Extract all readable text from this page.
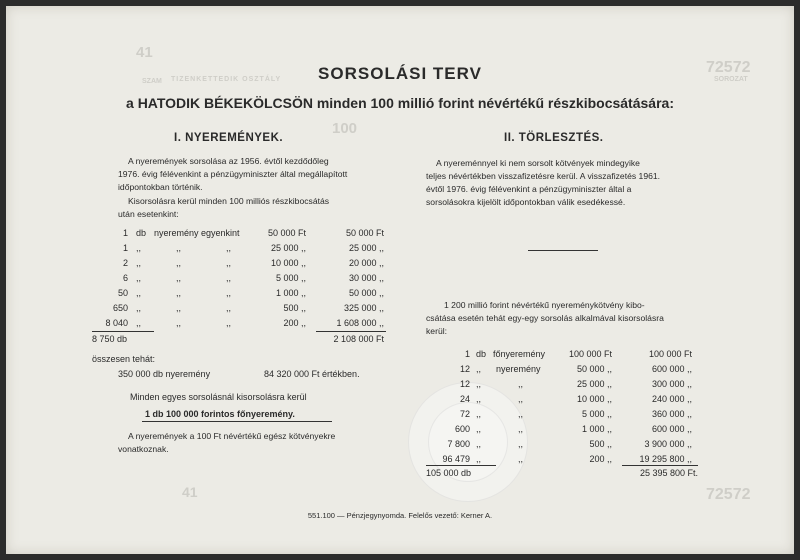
41
SZAM TIZENKETTEDIK OSZTÁLY
72572
SOROZAT
100
41	72572
SORSOLÁSI TERV
a HATODIK BÉKEKÖLCSÖN minden 100 millió forint névértékű részkibocsátására:
I. NYEREMÉNYEK.
A nyeremények sorsolása az 1956. évtől kezdődőleg
1976. évig félévenkint a pénzügyminiszter által megállapított
időpontokban történik.
Kisorsolásra kerül minden 100 milliós részkibocsátás
után esetenkint:
1 db nyeremény egyenkint	50 000 Ft	50 000 Ft
1 ,,	,,	,,	25 000 ,,	25 000 ,,
2 ,,	,,	,,	10 000 ,,	20 000 ,,
6 ,,	,,	,,	5 000 ,,	30 000 ,,
50 ,,	,,	,,	1 000 ,,	50 000 ,,
650 ,,	,,	,,	500 ,,	325 000 ,,
8 040 ,,	,,	,,	200 ,,	1 608 000 ,,
8 750 db	2 108 000 Ft
összesen tehát:
350 000 db nyeremény	84 320 000 Ft értékben.
Minden egyes sorsolásnál kisorsolásra kerül
1 db 100 000 forintos főnyeremény.
A nyeremények a 100 Ft névértékű egész kötvényekre
vonatkoznak.
II. TÖRLESZTÉS.
A nyereménnyel ki nem sorsolt kötvények mindegyike
teljes névértékben visszafizetésre kerül. A visszafizetés 1961.
évtől 1976. évig félévenkint a pénzügyminiszter által a
sorsolásokra kijelölt időpontokban válik esedékessé.
1 200 millió forint névértékű nyereménykötvény kibo-
csátása esetén tehát egy-egy sorsolás alkalmával kisorsolásra
kerül:
1 db főnyeremény	100 000 Ft	100 000 Ft
12 ,, nyeremény	50 000 ,,	600 000 ,,
12 ,,	,,	25 000 ,,	300 000 ,,
24 ,,	,,	10 000 ,,	240 000 ,,
72 ,,	,,	5 000 ,,	360 000 ,,
600 ,,	,,	1 000 ,,	600 000 ,,
7 800 ,,	,,	500 ,,	3 900 000 ,,
96 479 ,,	,,	200 ,,	19 295 800 ,,
105 000 db	25 395 800 Ft.
551.100 — Pénzjegynyomda. Felelős vezető: Kerner A.
